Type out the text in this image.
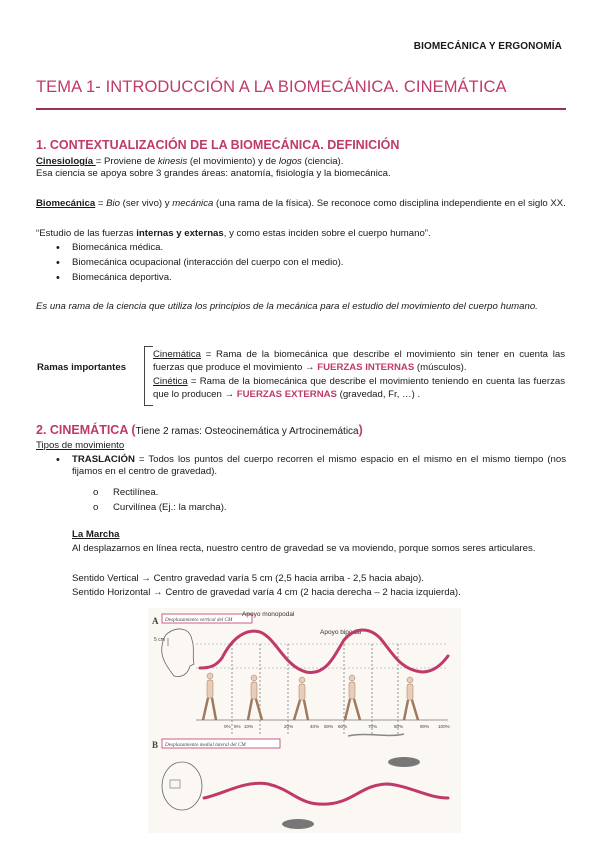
BIOMECÁNICA Y ERGONOMÍA
TEMA 1- INTRODUCCIÓN A LA BIOMECÁNICA. CINEMÁTICA
1. CONTEXTUALIZACIÓN DE LA BIOMECÁNICA. DEFINICIÓN
Cinesiología = Proviene de kinesis (el movimiento) y de logos (ciencia).
Esa ciencia se apoya sobre 3 grandes áreas: anatomía, fisiología y la biomecánica.
Biomecánica = Bio (ser vivo) y mecánica (una rama de la física). Se reconoce como disciplina independiente en el siglo XX.
“Estudio de las fuerzas internas y externas, y como estas inciden sobre el cuerpo humano”.
• Biomecánica médica.
• Biomecánica ocupacional (interacción del cuerpo con el medio).
• Biomecánica deportiva.
Es una rama de la ciencia que utiliza los principios de la mecánica para el estudio del movimiento del cuerpo humano.
Ramas importantes
Cinemática = Rama de la biomecánica que describe el movimiento sin tener en cuenta las fuerzas que produce el movimiento → FUERZAS INTERNAS (músculos).
Cinética = Rama de la biomecánica que describe el movimiento teniendo en cuenta las fuerzas que lo producen → FUERZAS EXTERNAS (gravedad, Fr, …) .
2. CINEMÁTICA (Tiene 2 ramas: Osteocinemática y Artrocinemática)
Tipos de movimiento
• TRASLACIÓN = Todos los puntos del cuerpo recorren el mismo espacio en el mismo en el mismo tiempo (nos fijamos en el centro de gravedad).
o Rectilínea.
o Curvilínea (Ej.: la marcha).
La Marcha
Al desplazarnos en línea recta, nuestro centro de gravedad se va moviendo, porque somos seres articulares.
Sentido Vertical → Centro gravedad varía 5 cm (2,5 hacia arriba - 2,5 hacia abajo).
Sentido Horizontal → Centro de gravedad varía 4 cm (2 hacia derecha – 2 hacia izquierda).
A Desplazamiento vertical del CM
5 cm
Apoyo monopodal
Apoyo bipodal
0% 5% 10%	20%	40% 50% 60%	70%	80%	90% 100%
B Desplazamiento medial lateral del CM
